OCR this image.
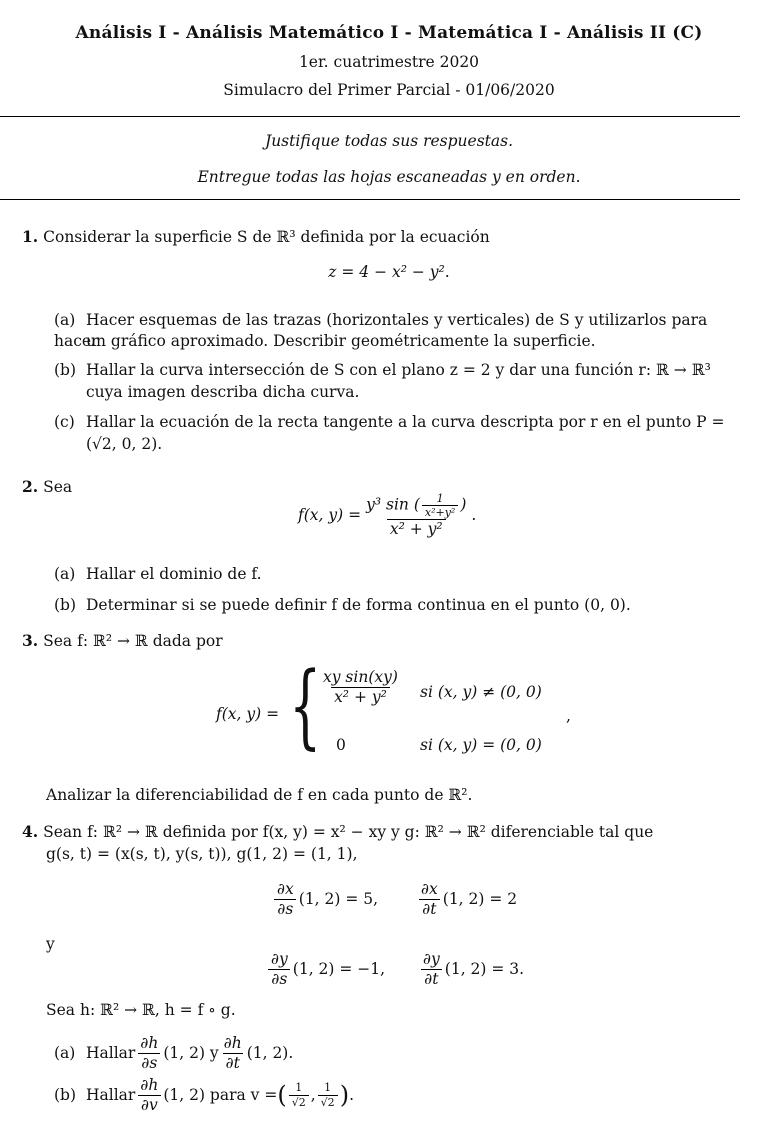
Análisis I - Análisis Matemático I - Matemática I - Análisis II (C)
1er. cuatrimestre 2020
Simulacro del Primer Parcial - 01/06/2020
Justifique todas sus respuestas.
Entregue todas las hojas escaneadas y en orden.
1. Considerar la superficie S de ℝ³ definida por la ecuación
z = 4 − x² − y².
(a) Hacer esquemas de las trazas (horizontales y verticales) de S y utilizarlos para hacer
un gráfico aproximado. Describir geométricamente la superficie.
(b) Hallar la curva intersección de S con el plano z = 2 y dar una función r: ℝ → ℝ³
cuya imagen describa dicha curva.
(c) Hallar la ecuación de la recta tangente a la curva descripta por r en el punto P =
(√2, 0, 2).
2. Sea
f(x, $y) = \frac{y^3 \sin ( \frac{1}{\text{x²+y²}} )}{\text{x² + y²}}$ .
(a) Hallar el dominio de f.
(b) Determinar si se puede definir f de forma continua en el punto (0, 0).
3. Sea f: ℝ² → ℝ dada por
f(x, y) = {
$\frac{\text{xy sin(xy)}}{\text{x² + y²}}$ si (x, y) ≠ (0, 0)
0	si (x, y) = (0, 0)
,
Analizar la diferenciabilidad de f en cada punto de ℝ².
4. Sean f: ℝ² → ℝ definida por f(x, y) = x² − xy y g: ℝ² → ℝ² diferenciable tal que
g(s, t) = (x(s, t), y(s, t)), g(1, 2) = (1, 1),
$\frac{\partial x}{\partial s} (1$, 2) = 5,	$\frac{\partial x}{\partial t} (1$, 2) = 2
y
$\frac{\partial y}{\partial s} (1$, 2) = −1, $\frac{\partial y}{\partial t} (1$, 2) = 3.
Sea h: ℝ² → ℝ, h = f ∘ g.
(a) Hallar $\frac{\partial h}{\partial s} (1$, 2) y $\frac{\partial h}{\partial t} (1$, 2).
(b) Hallar $\frac{\partial h}{\partial v} (1$, 2) para v = ( $\frac{1}{√2}$ , $\frac{1}{√2}$ ) .
